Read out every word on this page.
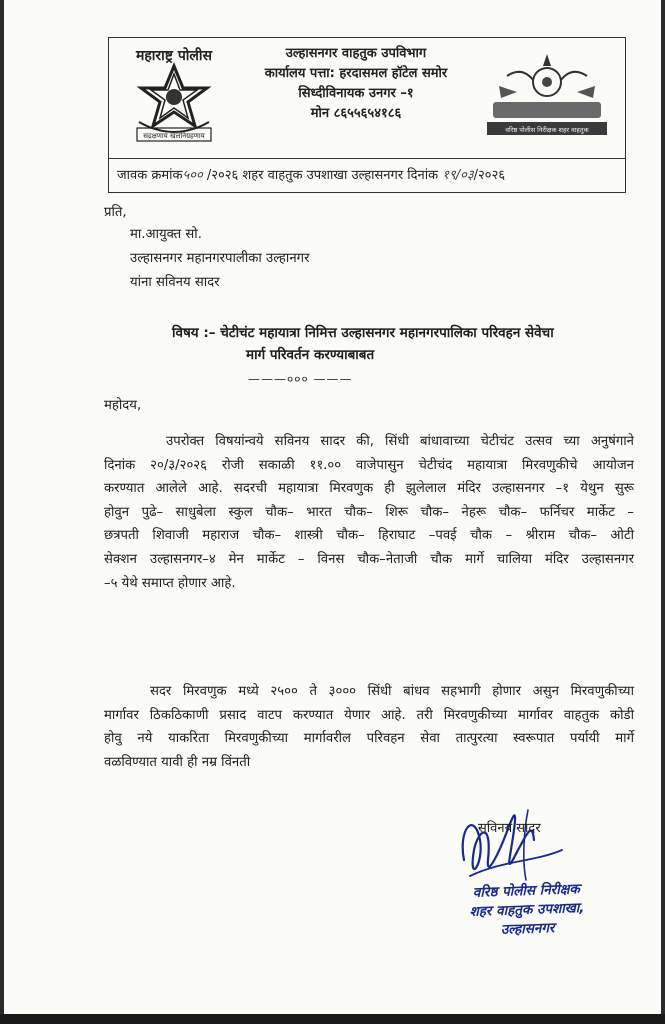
महाराष्ट्र पोलीस
सद्रक्षणाय खलनिग्रहणाय
उल्हासनगर वाहतुक उपविभाग
कार्यालय पत्ता: हरदासमल हॉटेल समोर
सिध्दीविनायक उनगर –१
मोन ८६५५६५४१८६
वरिष्ठ पोलीस निरीक्षक शहर वाहतुक
जावक क्रमांक५०० /२०२६ शहर वाहतुक उपशाखा उल्हासनगर दिनांक १९/०३/२०२६
प्रति,
मा.आयुक्त सो.
उल्हासनगर महानगरपालीका उल्हानगर
यांना सविनय सादर
विषय :– चेटीचंट महायात्रा निमित्त उल्हासनगर महानगरपालिका परिवहन सेवेचा
मार्ग परिवर्तन करण्याबाबत
———००० ———
महोदय,
उपरोक्त विषयांन्वये सविनय सादर की, सिंधी बांधावाच्या चेटीचंट उत्सव च्या अनुषंगाने
दिनांक २०/३/२०२६ रोजी सकाळी ११.०० वाजेपासुन चेटीचंद महायात्रा मिरवणुकीचे आयोजन
करण्यात आलेले आहे. सदरची महायात्रा मिरवणुक ही झुलेलाल मंदिर उल्हासनगर –१ येथुन सुरू
होवुन पुढे– साधुबेला स्कुल चौक– भारत चौक– शिरू चौक– नेहरू चौक– फर्निचर मार्केट –
छत्रपती शिवाजी महाराज चौक– शास्त्री चौक– हिराघाट –पवई चौक – श्रीराम चौक– ओटी
सेक्शन उल्हासनगर–४ मेन मार्केट – विनस चौक–नेताजी चौक मार्गे चालिया मंदिर उल्हासनगर
–५ येथे समाप्त होणार आहे.
सदर मिरवणुक मध्ये २५०० ते ३००० सिंधी बांधव सहभागी होणार असुन मिरवणुकीच्या
मार्गावर ठिकठिकाणी प्रसाद वाटप करण्यात येणार आहे. तरी मिरवणुकीच्या मार्गावर वाहतुक कोडी
होवु नये याकरिता मिरवणुकीच्या मार्गावरील परिवहन सेवा तात्पुरत्या स्वरूपात पर्यायी मार्गे
वळविण्यात यावी ही नम्र विंनती
सविनय सादर
वरिष्ठ पोलीस निरीक्षक
शहर वाहतुक उपशाखा,
उल्हासनगर
